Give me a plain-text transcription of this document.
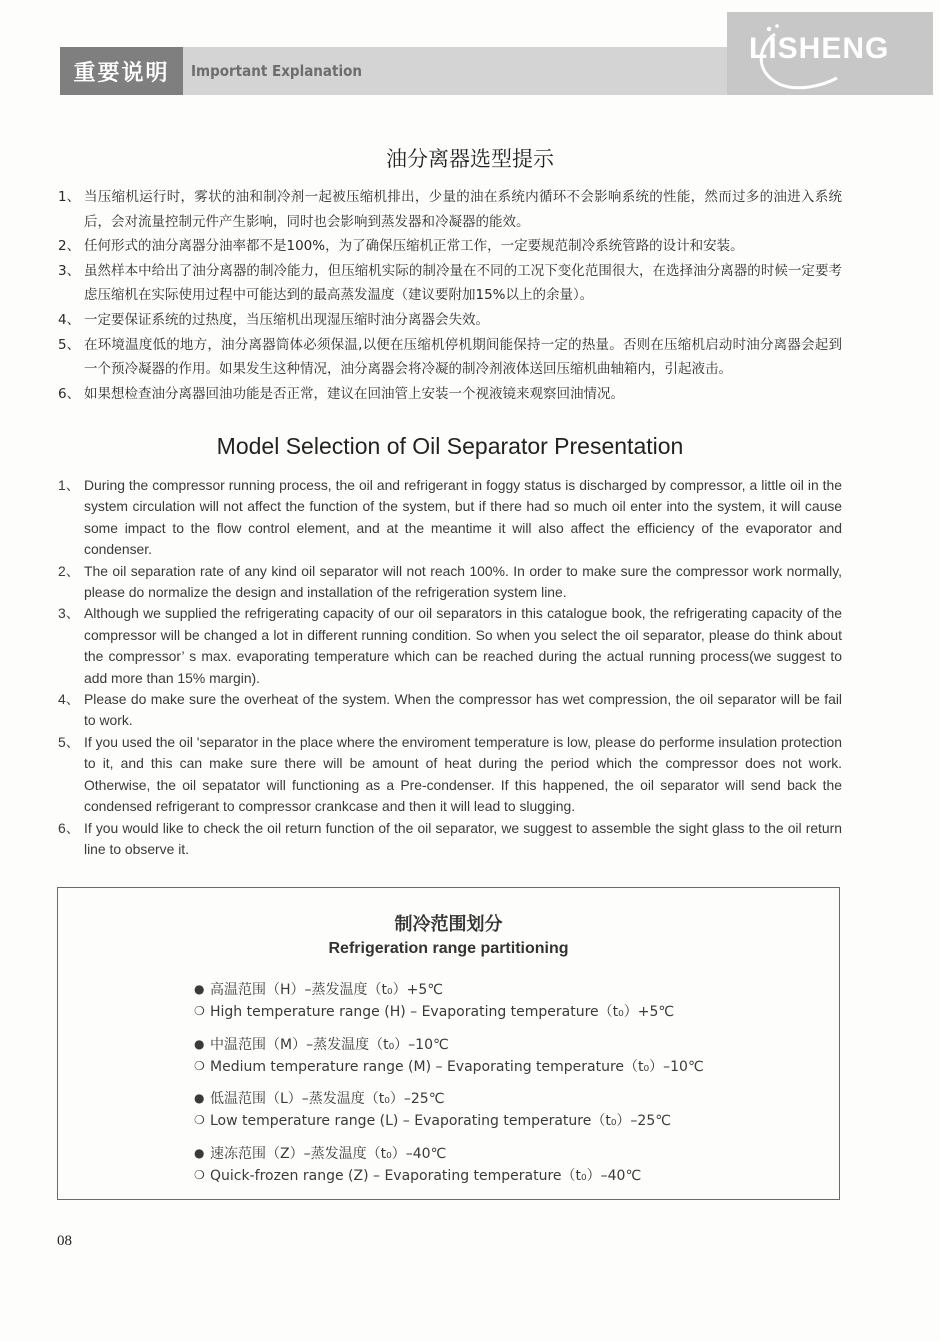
重要说明	Important Explanation
LISHENG
油分离器选型提示
1、 当压缩机运行时，雾状的油和制冷剂一起被压缩机排出，少量的油在系统内循环不会影响系统的性能，然而过多的油进入系统后，会对流量控制元件产生影响，同时也会影响到蒸发器和冷凝器的能效。
2、 任何形式的油分离器分油率都不是100%，为了确保压缩机正常工作，一定要规范制冷系统管路的设计和安装。
3、 虽然样本中给出了油分离器的制冷能力，但压缩机实际的制冷量在不同的工况下变化范围很大，在选择油分离器的时候一定要考虑压缩机在实际使用过程中可能达到的最高蒸发温度（建议要附加15%以上的余量）。
4、 一定要保证系统的过热度，当压缩机出现湿压缩时油分离器会失效。
5、 在环境温度低的地方，油分离器筒体必须保温,以便在压缩机停机期间能保持一定的热量。否则在压缩机启动时油分离器会起到一个预冷凝器的作用。如果发生这种情况，油分离器会将冷凝的制冷剂液体送回压缩机曲轴箱内，引起液击。
6、 如果想检查油分离器回油功能是否正常，建议在回油管上安装一个视液镜来观察回油情况。
Model Selection of Oil Separator Presentation
1、 During the compressor running process, the oil and refrigerant in foggy status is discharged by compressor, a little oil in the system circulation will not affect the function of the system, but if there had so much oil enter into the system, it will cause some impact to the flow control element, and at the meantime it will also affect the efficiency of the evaporator and condenser.
2、 The oil separation rate of any kind oil separator will not reach 100%. In order to make sure the compressor work normally, please do normalize the design and installation of the refrigeration system line.
3、 Although we supplied the refrigerating capacity of our oil separators in this catalogue book, the refrigerating capacity of the compressor will be changed a lot in different running condition. So when you select the oil separator, please do think about the compressor’ s max. evaporating temperature which can be reached during the actual running process(we suggest to add more than 15% margin).
4、 Please do make sure the overheat of the system. When the compressor has wet compression, the oil separator will be fail to work.
5、 If you used the oil 'separator in the place where the enviroment temperature is low, please do performe insulation protection to it, and this can make sure there will be amount of heat during the period which the compressor does not work. Otherwise, the oil sepatator will functioning as a Pre-condenser. If this happened, the oil separator will send back the condensed refrigerant to compressor crankcase and then it will lead to slugging.
6、 If you would like to check the oil return function of the oil separator, we suggest to assemble the sight glass to the oil return line to observe it.
制冷范围划分
Refrigeration range partitioning
● 高温范围（H）–蒸发温度（t₀）+5℃
❍ High temperature range (H) – Evaporating temperature（t₀）+5℃
● 中温范围（M）–蒸发温度（t₀）–10℃
❍ Medium temperature range (M) – Evaporating temperature（t₀）–10℃
● 低温范围（L）–蒸发温度（t₀）–25℃
❍ Low temperature range (L) – Evaporating temperature（t₀）–25℃
● 速冻范围（Z）–蒸发温度（t₀）–40℃
❍ Quick-frozen range (Z) – Evaporating temperature（t₀）–40℃
08
